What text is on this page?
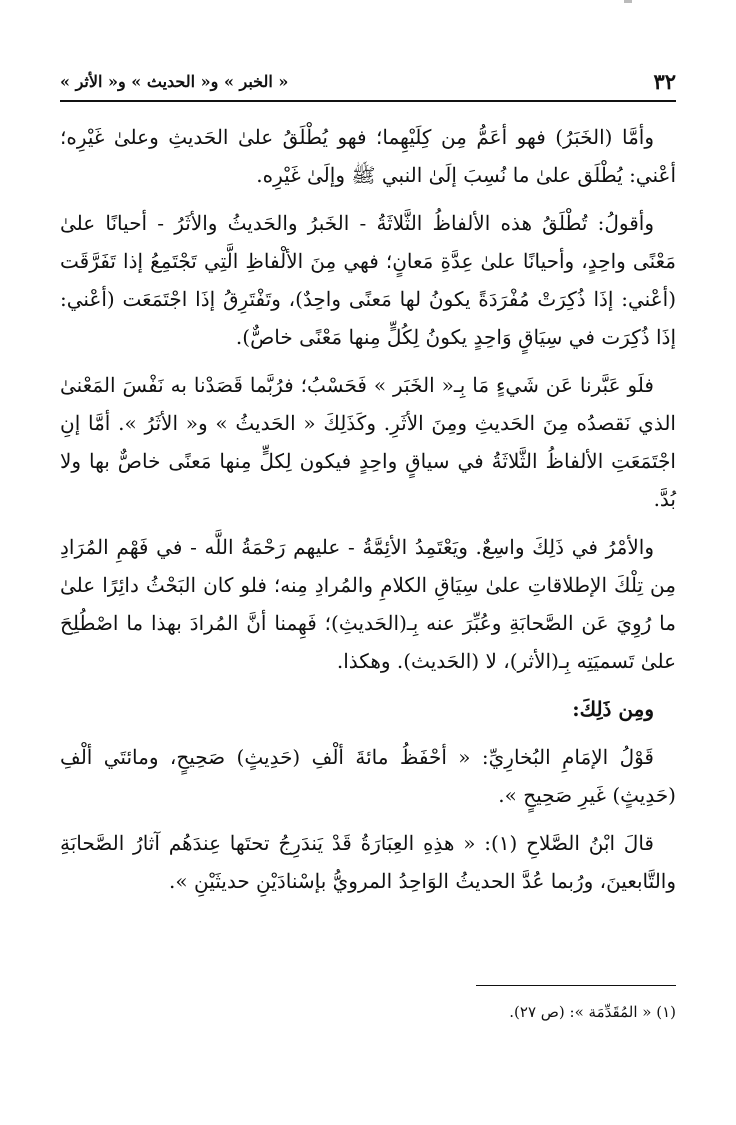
٣٢
« الخبر » و« الحديث » و« الأثر »

وأمَّا (الخَبَرُ) فهو أعَمُّ مِن كِلَيْهِما؛ فهو يُطْلَقُ علىٰ الحَديثِ وعلىٰ غَيْرِه؛ أعْني: يُطْلَق علىٰ ما نُسِبَ إلَىٰ النبي ﷺ وإلَىٰ غَيْرِه.

وأقولُ: تُطْلَقُ هذه الألفاظُ الثَّلاثَةُ - الخَبرُ والحَديثُ والأثَرُ - أحيانًا علىٰ مَعْنًى واحِدٍ، وأحيانًا علىٰ عِدَّةِ مَعانٍ؛ فهي مِنَ الألْفاظِ الَّتِي تَجْتَمِعُ إذا تَفَرَّقَت (أعْني: إذَا ذُكِرَتْ مُفْرَدَةً يكونُ لها مَعنًى واحِدٌ)، وتَفْتَرِقُ إذَا اجْتَمَعَت (أعْني: إذَا ذُكِرَت في سِيَاقٍ وَاحِدٍ يكونُ لِكُلٍّ مِنها مَعْنًى خاصٌّ).

فلَو عَبَّرنا عَن شَيءٍ مَا بِـ« الخَبَر » فَحَسْبُ؛ فرُبَّما قَصَدْنا به نَفْسَ المَعْنىٰ الذي نَقصدُه مِنَ الحَديثِ ومِنَ الأثَرِ. وكَذَلِكَ « الحَديثُ » و« الأثَرُ ». أمَّا إنِ اجْتَمَعَتِ الألفاظُ الثَّلاثَةُ في سياقٍ واحِدٍ فيكون لِكلٍّ مِنها مَعنًى خاصٌّ بها ولا بُدَّ.

والأمْرُ في ذَلِكَ واسِعٌ. ويَعْتَمِدُ الأئِمَّةُ - عليهم رَحْمَةُ اللَّه - في فَهْمِ المُرَادِ مِن تِلْكَ الإطلاقاتِ علىٰ سِيَاقِ الكلامِ والمُرادِ مِنه؛ فلو كان البَحْثُ دائِرًا علىٰ ما رُوِيَ عَن الصَّحابَةِ وعُبِّرَ عنه بِـ(الحَديثِ)؛ فَهِمنا أنَّ المُرادَ بهذا ما اصْطُلِحَ علىٰ تَسميَتِه بِـ(الأثر)، لا (الحَديث). وهكذا.

ومِن ذَلِكَ:

قَوْلُ الإمَامِ البُخارِيِّ: « أحْفَظُ مائةَ ألْفِ (حَدِيثٍ) صَحِيحٍ، ومائتَي ألْفِ (حَدِيثٍ) غَيرِ صَحِيحٍ ».

قالَ ابْنُ الصَّلاحِ (١): « هذِهِ العِبَارَةُ قَدْ يَندَرِجُ تحتَها عِندَهُم آثارُ الصَّحابَةِ والتَّابعينَ، ورُبما عُدَّ الحديثُ الوَاحِدُ المرويُّ بإسْنادَيْنِ حديثَيْنِ ».

(١) « المُقَدِّمَة »: (ص ٢٧).
